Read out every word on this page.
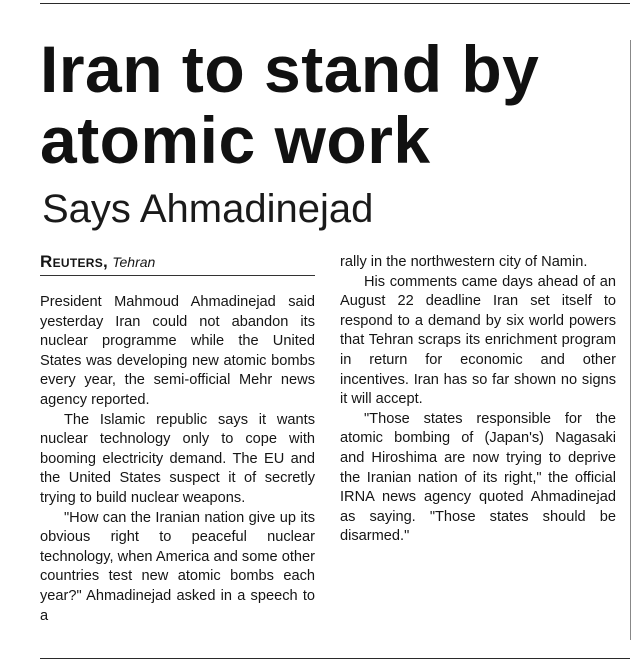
Iran to stand by atomic work
Says Ahmadinejad
Reuters, Tehran

President Mahmoud Ahmadinejad said yesterday Iran could not abandon its nuclear programme while the United States was developing new atomic bombs every year, the semi-official Mehr news agency reported.

The Islamic republic says it wants nuclear technology only to cope with booming electricity demand. The EU and the United States suspect it of secretly trying to build nuclear weapons.

"How can the Iranian nation give up its obvious right to peaceful nuclear technology, when America and some other countries test new atomic bombs each year?" Ahmadinejad asked in a speech to a

rally in the northwestern city of Namin.

His comments came days ahead of an August 22 deadline Iran set itself to respond to a demand by six world powers that Tehran scraps its enrichment program in return for economic and other incentives. Iran has so far shown no signs it will accept.

"Those states responsible for the atomic bombing of (Japan's) Nagasaki and Hiroshima are now trying to deprive the Iranian nation of its right," the official IRNA news agency quoted Ahmadinejad as saying. "Those states should be disarmed."
